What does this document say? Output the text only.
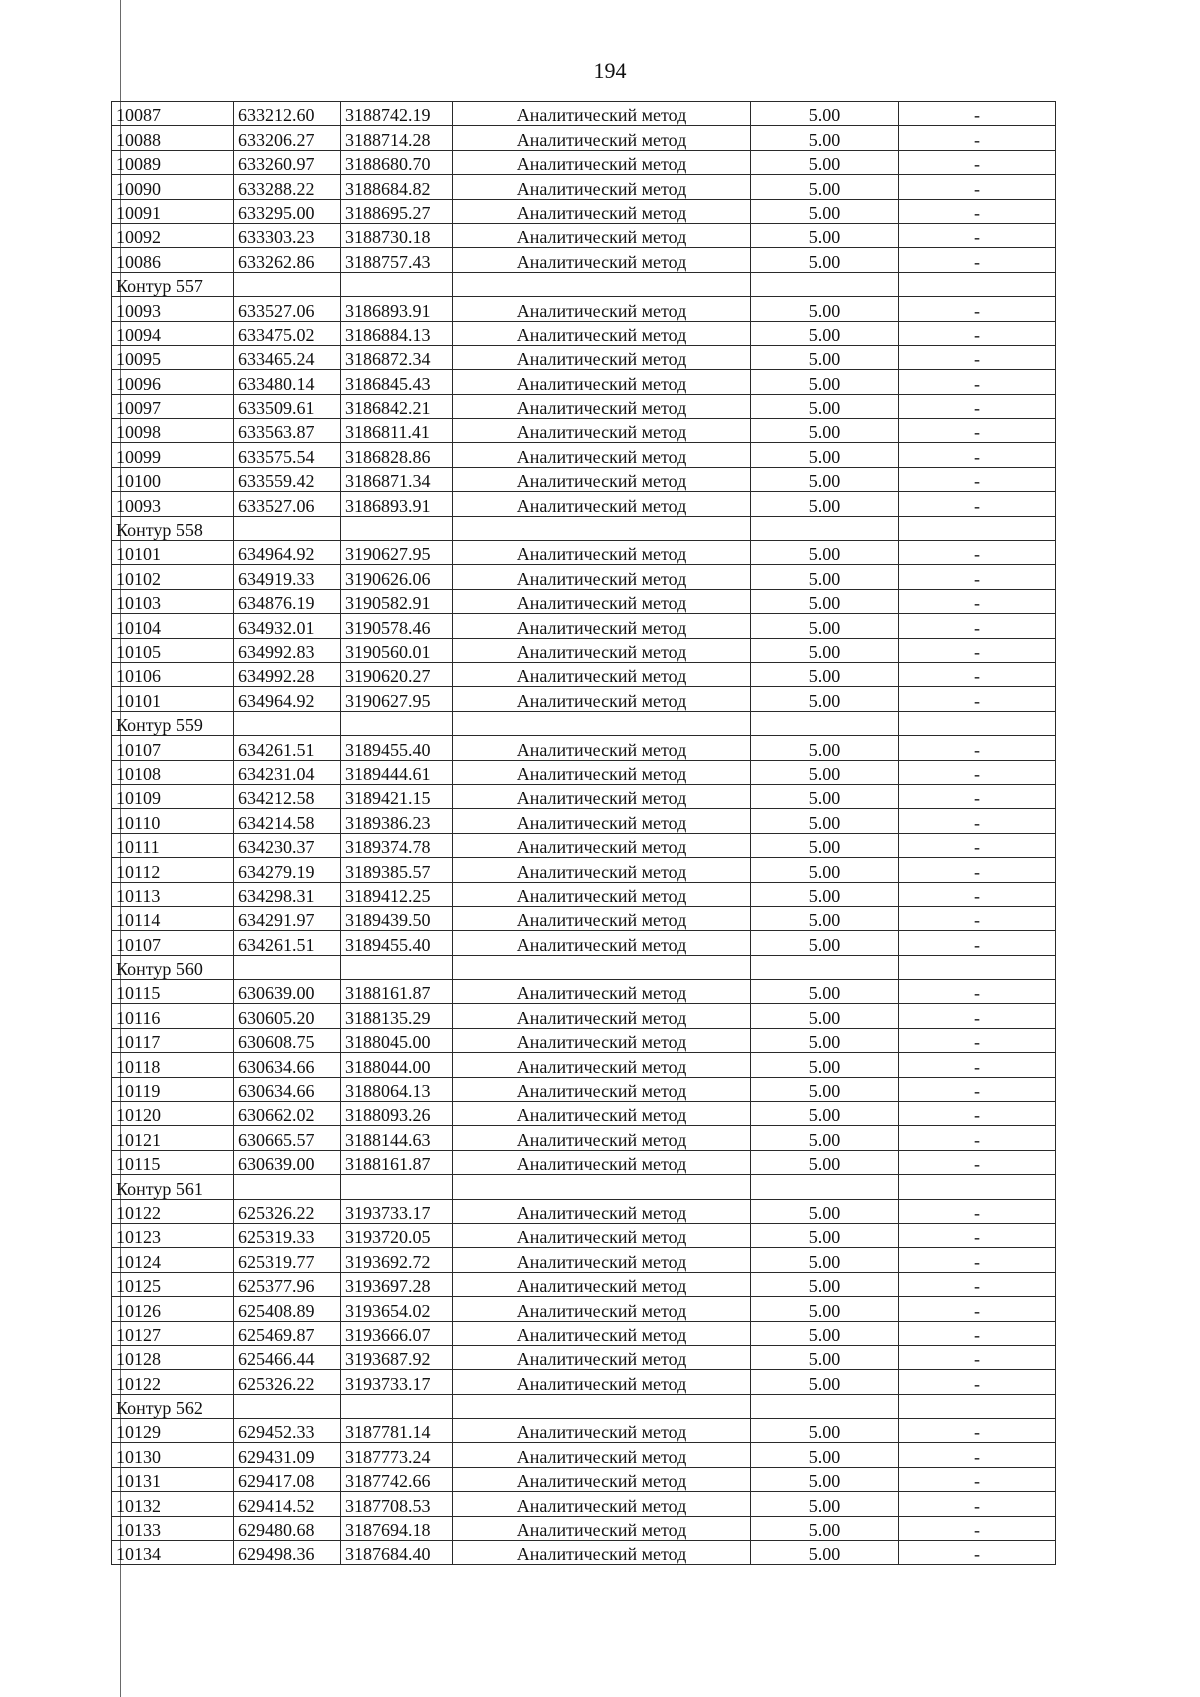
194
10087	633212.60	3188742.19	Аналитический метод	5.00	-
10088	633206.27	3188714.28	Аналитический метод	5.00	-
10089	633260.97	3188680.70	Аналитический метод	5.00	-
10090	633288.22	3188684.82	Аналитический метод	5.00	-
10091	633295.00	3188695.27	Аналитический метод	5.00	-
10092	633303.23	3188730.18	Аналитический метод	5.00	-
10086	633262.86	3188757.43	Аналитический метод	5.00	-
Контур 557					
10093	633527.06	3186893.91	Аналитический метод	5.00	-
10094	633475.02	3186884.13	Аналитический метод	5.00	-
10095	633465.24	3186872.34	Аналитический метод	5.00	-
10096	633480.14	3186845.43	Аналитический метод	5.00	-
10097	633509.61	3186842.21	Аналитический метод	5.00	-
10098	633563.87	3186811.41	Аналитический метод	5.00	-
10099	633575.54	3186828.86	Аналитический метод	5.00	-
10100	633559.42	3186871.34	Аналитический метод	5.00	-
10093	633527.06	3186893.91	Аналитический метод	5.00	-
Контур 558					
10101	634964.92	3190627.95	Аналитический метод	5.00	-
10102	634919.33	3190626.06	Аналитический метод	5.00	-
10103	634876.19	3190582.91	Аналитический метод	5.00	-
10104	634932.01	3190578.46	Аналитический метод	5.00	-
10105	634992.83	3190560.01	Аналитический метод	5.00	-
10106	634992.28	3190620.27	Аналитический метод	5.00	-
10101	634964.92	3190627.95	Аналитический метод	5.00	-
Контур 559					
10107	634261.51	3189455.40	Аналитический метод	5.00	-
10108	634231.04	3189444.61	Аналитический метод	5.00	-
10109	634212.58	3189421.15	Аналитический метод	5.00	-
10110	634214.58	3189386.23	Аналитический метод	5.00	-
10111	634230.37	3189374.78	Аналитический метод	5.00	-
10112	634279.19	3189385.57	Аналитический метод	5.00	-
10113	634298.31	3189412.25	Аналитический метод	5.00	-
10114	634291.97	3189439.50	Аналитический метод	5.00	-
10107	634261.51	3189455.40	Аналитический метод	5.00	-
Контур 560					
10115	630639.00	3188161.87	Аналитический метод	5.00	-
10116	630605.20	3188135.29	Аналитический метод	5.00	-
10117	630608.75	3188045.00	Аналитический метод	5.00	-
10118	630634.66	3188044.00	Аналитический метод	5.00	-
10119	630634.66	3188064.13	Аналитический метод	5.00	-
10120	630662.02	3188093.26	Аналитический метод	5.00	-
10121	630665.57	3188144.63	Аналитический метод	5.00	-
10115	630639.00	3188161.87	Аналитический метод	5.00	-
Контур 561					
10122	625326.22	3193733.17	Аналитический метод	5.00	-
10123	625319.33	3193720.05	Аналитический метод	5.00	-
10124	625319.77	3193692.72	Аналитический метод	5.00	-
10125	625377.96	3193697.28	Аналитический метод	5.00	-
10126	625408.89	3193654.02	Аналитический метод	5.00	-
10127	625469.87	3193666.07	Аналитический метод	5.00	-
10128	625466.44	3193687.92	Аналитический метод	5.00	-
10122	625326.22	3193733.17	Аналитический метод	5.00	-
Контур 562					
10129	629452.33	3187781.14	Аналитический метод	5.00	-
10130	629431.09	3187773.24	Аналитический метод	5.00	-
10131	629417.08	3187742.66	Аналитический метод	5.00	-
10132	629414.52	3187708.53	Аналитический метод	5.00	-
10133	629480.68	3187694.18	Аналитический метод	5.00	-
10134	629498.36	3187684.40	Аналитический метод	5.00	-
